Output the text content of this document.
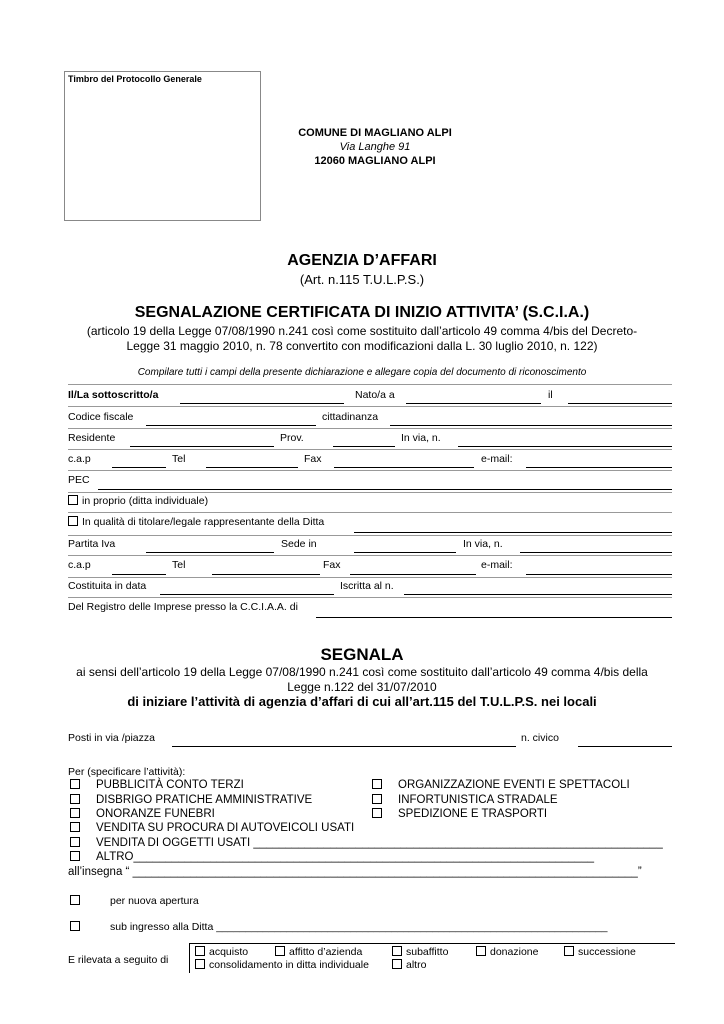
Timbro del Protocollo Generale
COMUNE DI MAGLIANO ALPI
Via Langhe 91
12060 MAGLIANO ALPI
AGENZIA D’AFFARI
(Art. n.115 T.U.L.P.S.)
SEGNALAZIONE CERTIFICATA DI INIZIO ATTIVITA’ (S.C.I.A.)
(articolo 19 della Legge 07/08/1990 n.241 così come sostituito dall’articolo 49 comma 4/bis del Decreto-
Legge 31 maggio 2010, n. 78 convertito con modificazioni dalla L. 30 luglio 2010, n. 122)
Compilare tutti i campi della presente dichiarazione e allegare copia del documento di riconoscimento
Il/La sottoscritto/a	Nato/a a	il
Codice fiscale	cittadinanza
Residente	Prov.	In via, n.
c.a.p	Tel	Fax	e-mail:
PEC
in proprio (ditta individuale)
In qualità di titolare/legale rappresentante della Ditta
Partita Iva	Sede in	In via, n.
c.a.p	Tel	Fax	e-mail:
Costituita in data	Iscritta al n.
Del Registro delle Imprese presso la C.C.I.A.A. di
SEGNALA
ai sensi dell’articolo 19 della Legge 07/08/1990 n.241 così come sostituito dall’articolo 49 comma 4/bis della
Legge n.122 del 31/07/2010
di iniziare l’attività di agenzia d’affari di cui all’art.115 del T.U.L.P.S. nei locali
Posti in via /piazza	n. civico
Per (specificare l’attività):
PUBBLICITÀ CONTO TERZI
DISBRIGO PRATICHE AMMINISTRATIVE
ONORANZE FUNEBRI
VENDITA SU PROCURA DI AUTOVEICOLI USATI
VENDITA DI OGGETTI USATI ________________________________________________________________
ALTRO________________________________________________________________________
ORGANIZZAZIONE EVENTI E SPETTACOLI
INFORTUNISTICA STRADALE
SPEDIZIONE E TRASPORTI
all’insegna “ _______________________________________________________________________________”
per nuova apertura
sub ingresso alla Ditta ___________________________________________________________________
E rilevata a seguito di
acquisto	affitto d’azienda	subaffitto	donazione	successione
consolidamento in ditta individuale	altro
